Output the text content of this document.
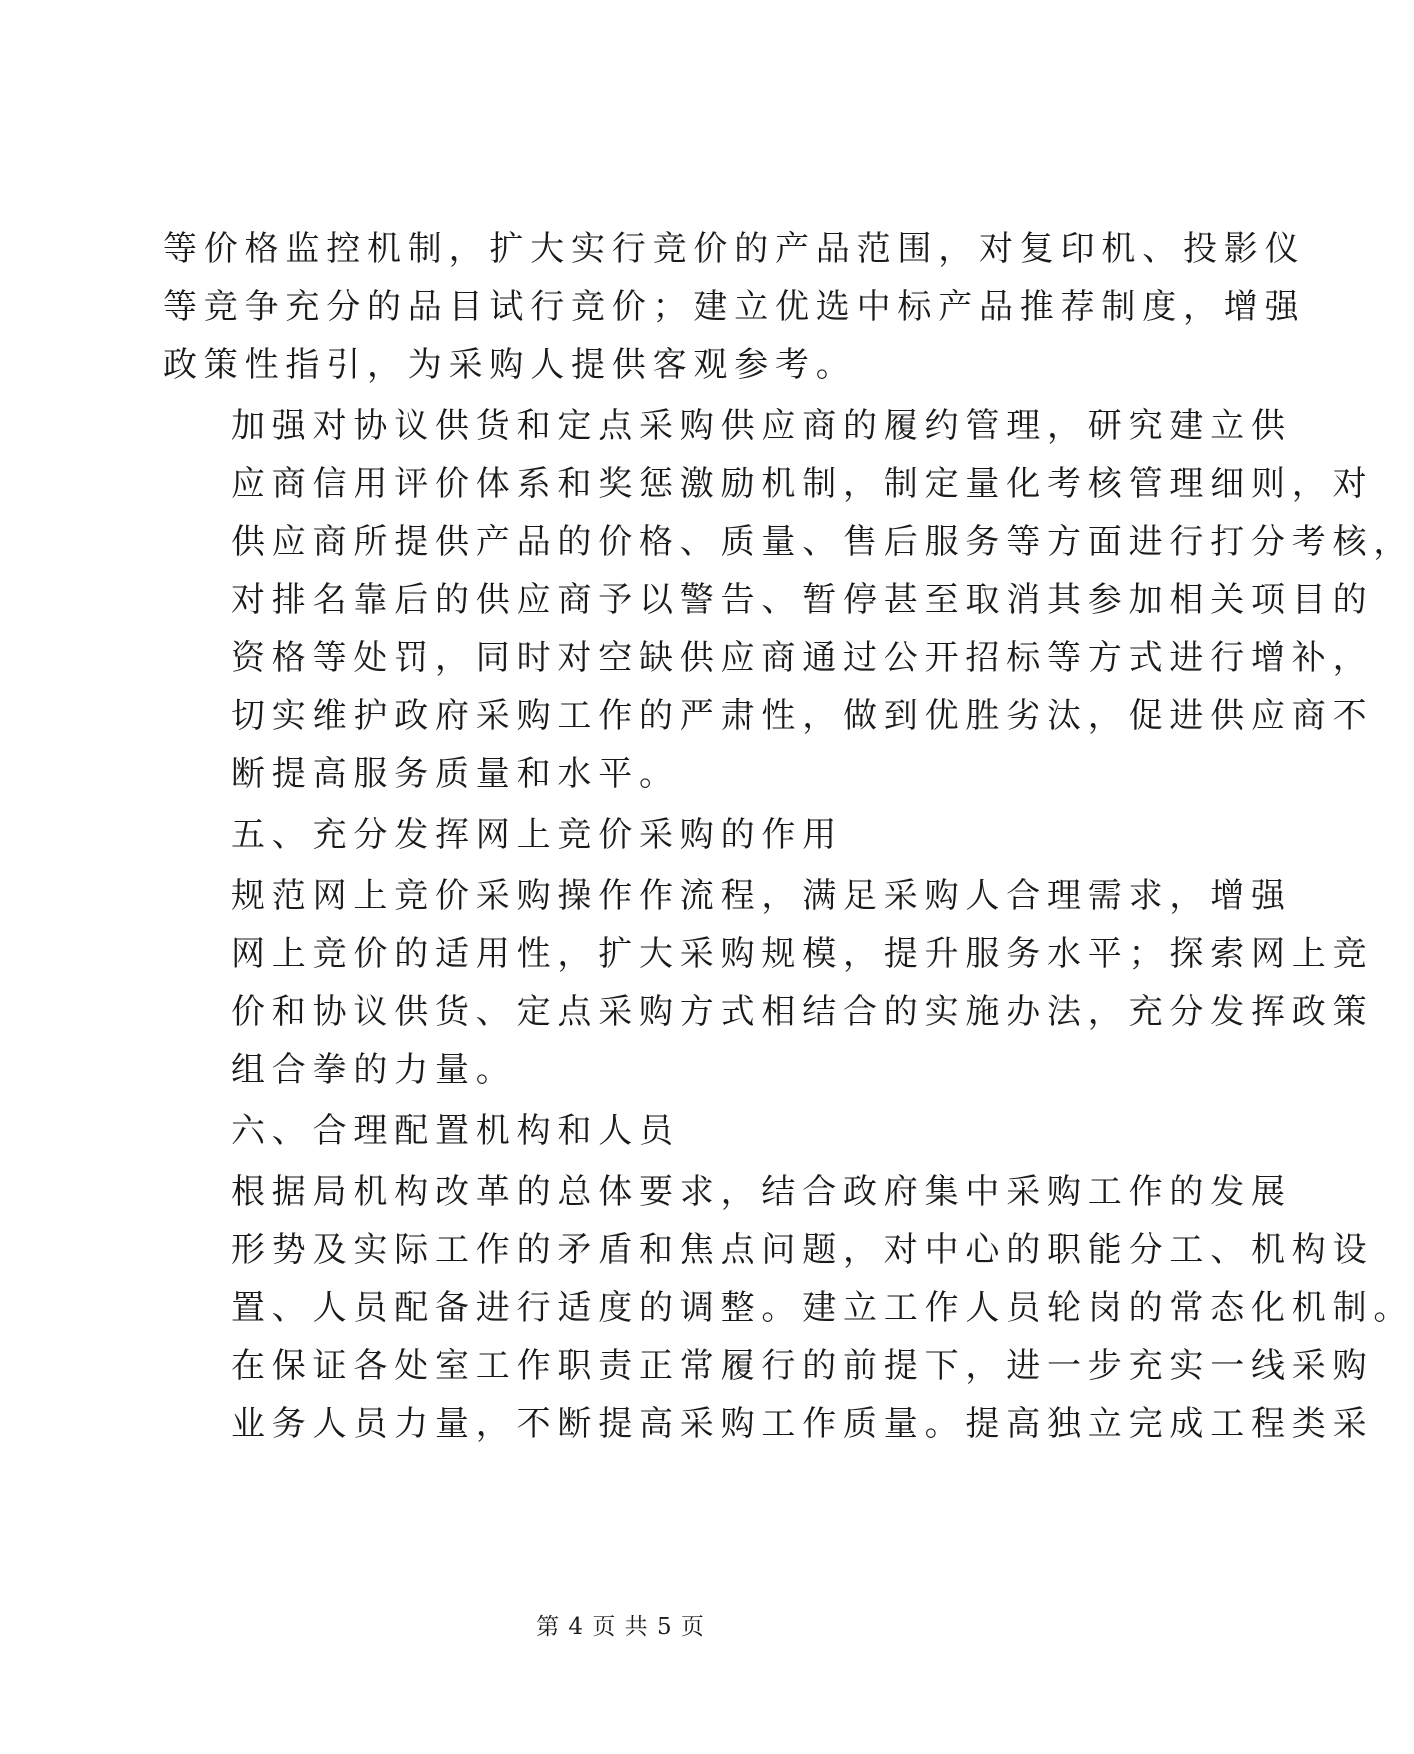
等价格监控机制，扩大实行竞价的产品范围，对复印机、投影仪
等竞争充分的品目试行竞价；建立优选中标产品推荐制度，增强
政策性指引，为采购人提供客观参考。

加强对协议供货和定点采购供应商的履约管理，研究建立供
应商信用评价体系和奖惩激励机制，制定量化考核管理细则，对
供应商所提供产品的价格、质量、售后服务等方面进行打分考核，
对排名靠后的供应商予以警告、暂停甚至取消其参加相关项目的
资格等处罚，同时对空缺供应商通过公开招标等方式进行增补，
切实维护政府采购工作的严肃性，做到优胜劣汰，促进供应商不
断提高服务质量和水平。

五、充分发挥网上竞价采购的作用

规范网上竞价采购操作作流程，满足采购人合理需求，增强
网上竞价的适用性，扩大采购规模，提升服务水平；探索网上竞
价和协议供货、定点采购方式相结合的实施办法，充分发挥政策
组合拳的力量。

六、合理配置机构和人员

根据局机构改革的总体要求，结合政府集中采购工作的发展
形势及实际工作的矛盾和焦点问题，对中心的职能分工、机构设
置、人员配备进行适度的调整。建立工作人员轮岗的常态化机制。
在保证各处室工作职责正常履行的前提下，进一步充实一线采购
业务人员力量，不断提高采购工作质量。提高独立完成工程类采

第 4 页 共 5 页
